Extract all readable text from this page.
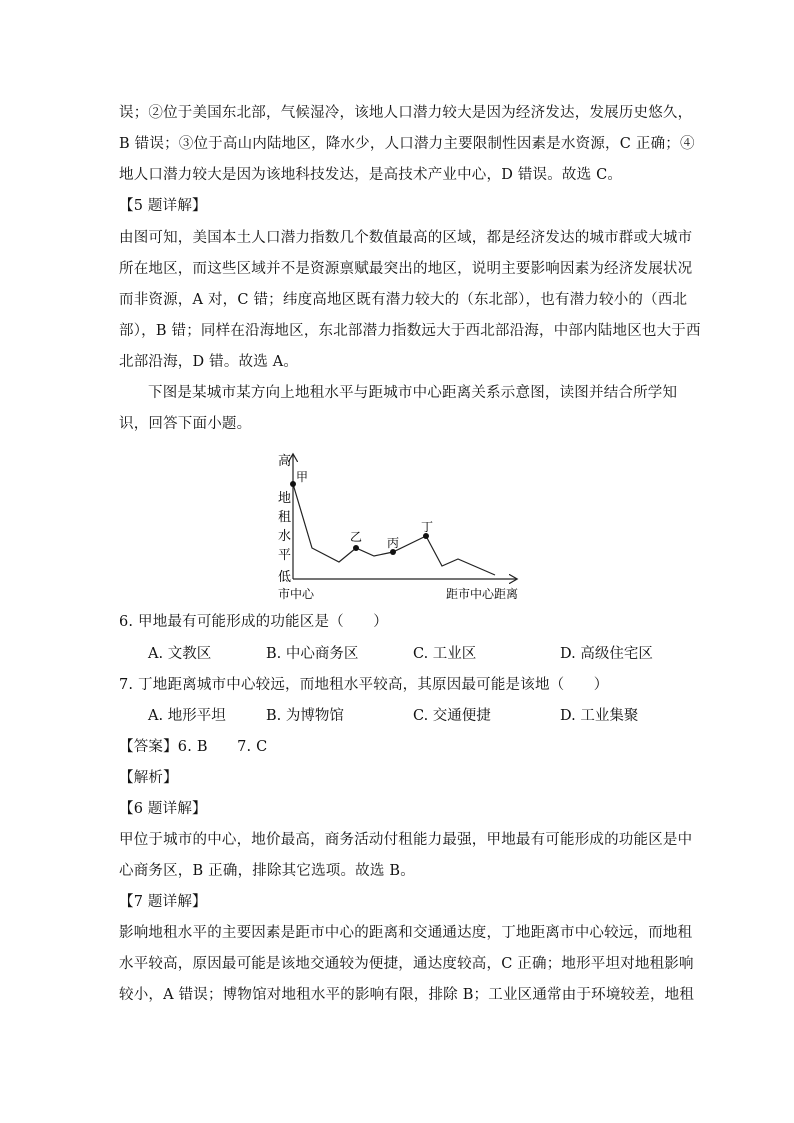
误；②位于美国东北部，气候湿冷，该地人口潜力较大是因为经济发达，发展历史悠久，
B 错误；③位于高山内陆地区，降水少，人口潜力主要限制性因素是水资源，C 正确；④
地人口潜力较大是因为该地科技发达，是高技术产业中心，D 错误。故选 C。
【5 题详解】
由图可知，美国本土人口潜力指数几个数值最高的区域，都是经济发达的城市群或大城市
所在地区，而这些区域并不是资源禀赋最突出的地区，说明主要影响因素为经济发展状况
而非资源，A 对，C 错；纬度高地区既有潜力较大的（东北部），也有潜力较小的（西北
部），B 错；同样在沿海地区，东北部潜力指数远大于西北部沿海，中部内陆地区也大于西
北部沿海，D 错。故选 A。
下图是某城市某方向上地租水平与距城市中心距离关系示意图，读图并结合所学知
识，回答下面小题。
高
地
租
水
平
低
市中心	距市中心距离
甲
乙 丙
丁
6. 甲地最有可能形成的功能区是（　　）
A. 文教区	B. 中心商务区	C. 工业区	D. 高级住宅区
7. 丁地距离城市中心较远，而地租水平较高，其原因最可能是该地（　　）
A. 地形平坦	B. 为博物馆	C. 交通便捷	D. 工业集聚
【答案】6. B　　7. C
【解析】
【6 题详解】
甲位于城市的中心，地价最高，商务活动付租能力最强，甲地最有可能形成的功能区是中
心商务区，B 正确，排除其它选项。故选 B。
【7 题详解】
影响地租水平的主要因素是距市中心的距离和交通通达度，丁地距离市中心较远，而地租
水平较高，原因最可能是该地交通较为便捷，通达度较高，C 正确；地形平坦对地租影响
较小，A 错误；博物馆对地租水平的影响有限，排除 B；工业区通常由于环境较差，地租
